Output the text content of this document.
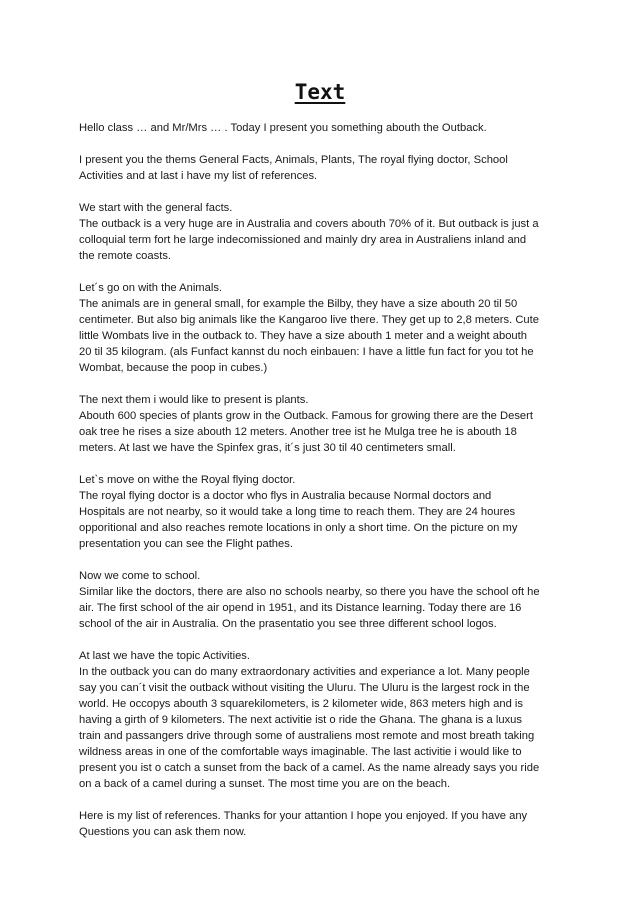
Text

Hello class … and Mr/Mrs … . Today I present you something abouth the Outback.

I present you the thems General Facts, Animals, Plants, The royal flying doctor, School
Activities and at last i have my list of references.

We start with the general facts.
The outback is a very huge are in Australia and covers abouth 70% of it. But outback is just a
colloquial term fort he large indecomissioned and mainly dry area in Australiens inland and
the remote coasts.

Let´s go on with the Animals.
The animals are in general small, for example the Bilby, they have a size abouth 20 til 50
centimeter. But also big animals like the Kangaroo live there. They get up to 2,8 meters. Cute
little Wombats live in the outback to. They have a size abouth 1 meter and a weight abouth
20 til 35 kilogram. (als Funfact kannst du noch einbauen: I have a little fun fact for you tot he
Wombat, because the poop in cubes.)

The next them i would like to present is plants.
Abouth 600 species of plants grow in the Outback. Famous for growing there are the Desert
oak tree he rises a size abouth 12 meters. Another tree ist he Mulga tree he is abouth 18
meters. At last we have the Spinfex gras, it´s just 30 til 40 centimeters small.

Let`s move on withe the Royal flying doctor.
The royal flying doctor is a doctor who flys in Australia because Normal doctors and
Hospitals are not nearby, so it would take a long time to reach them. They are 24 houres
opporitional and also reaches remote locations in only a short time. On the picture on my
presentation you can see the Flight pathes.

Now we come to school.
Similar like the doctors, there are also no schools nearby, so there you have the school oft he
air. The first school of the air opend in 1951, and its Distance learning. Today there are 16
school of the air in Australia. On the prasentatio you see three different school logos.

At last we have the topic Activities.
In the outback you can do many extraordonary activities and experiance a lot. Many people
say you can´t visit the outback without visiting the Uluru. The Uluru is the largest rock in the
world. He occopys abouth 3 squarekilometers, is 2 kilometer wide, 863 meters high and is
having a girth of 9 kilometers. The next activitie ist o ride the Ghana. The ghana is a luxus
train and passangers drive through some of australiens most remote and most breath taking
wildness areas in one of the comfortable ways imaginable. The last activitie i would like to
present you ist o catch a sunset from the back of a camel. As the name already says you ride
on a back of a camel during a sunset. The most time you are on the beach.

Here is my list of references. Thanks for your attantion I hope you enjoyed. If you have any
Questions you can ask them now.
